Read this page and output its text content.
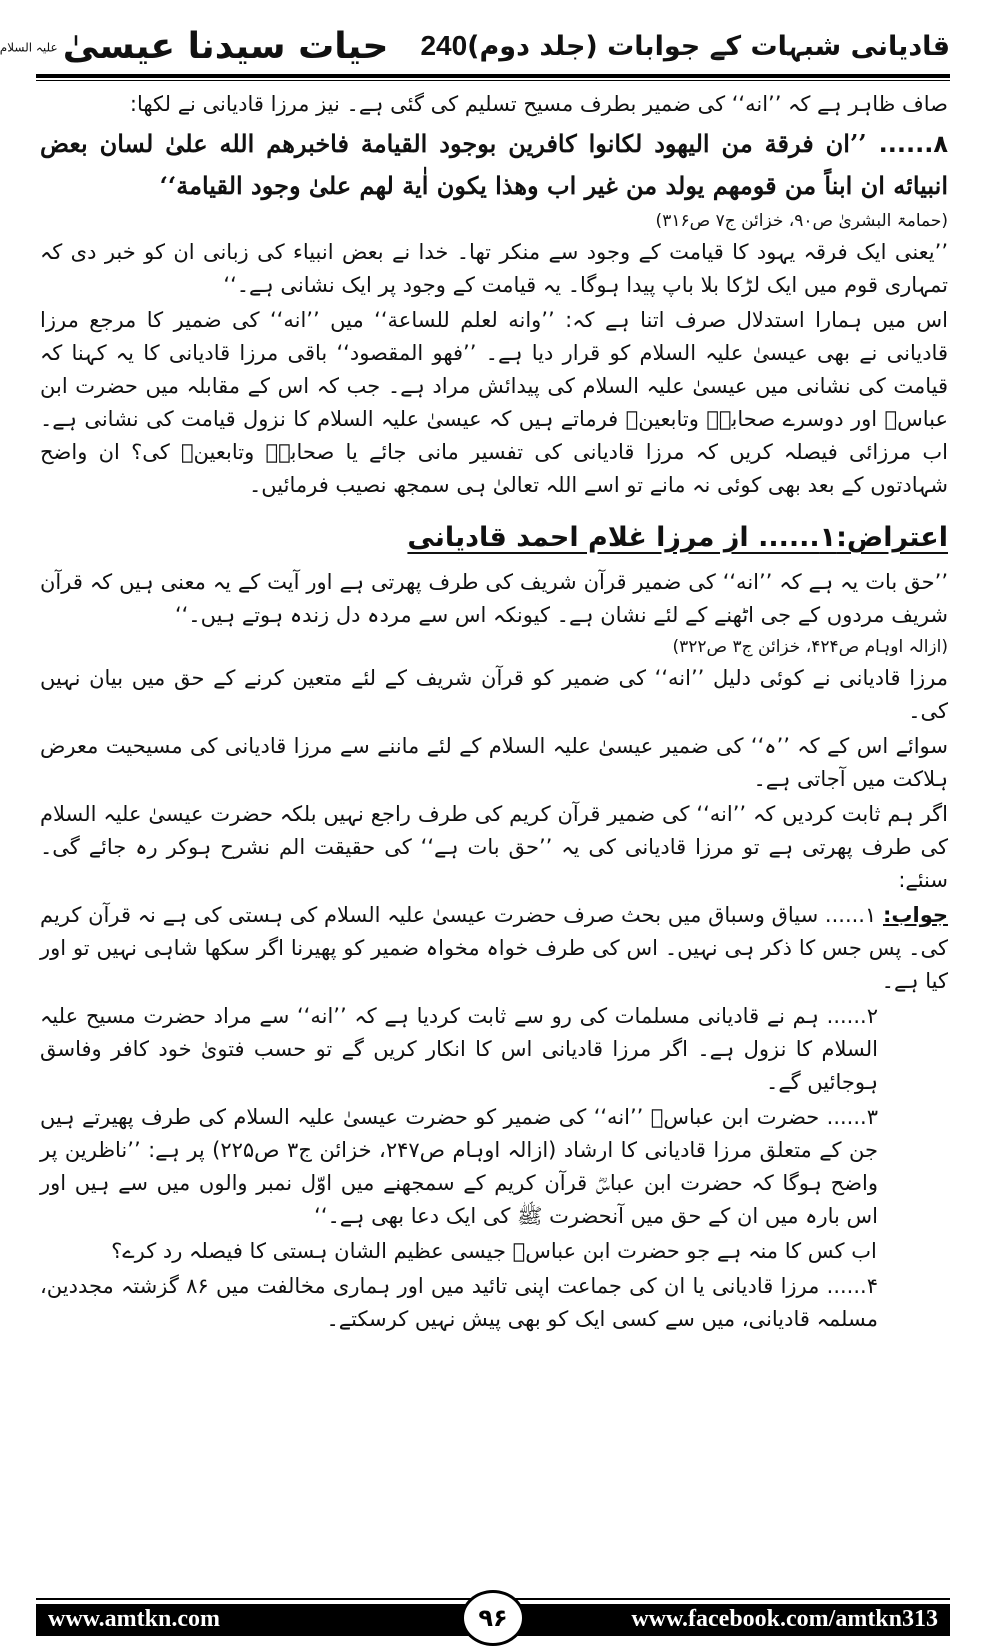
قادیانی شبہات کے جوابات (جلد دوم)
240
حیات سیدنا عیسیٰ $^{علیہ السلام}$

صاف ظاہر ہے کہ ’’انه‘‘ کی ضمیر بطرف مسیح تسلیم کی گئی ہے۔ نیز مرزا قادیانی نے لکھا:

۸...... ’’ان فرقة من اليهود لكانوا كافرين بوجود القيامة فاخبرهم الله علىٰ لسان بعض انبيائه ان ابناً من قومهم يولد من غير اب وهذا يكون اٰية لهم علىٰ وجود القيامة‘‘

(حمامۃ البشریٰ ص۹۰، خزائن ج۷ ص۳۱۶)

’’یعنی ایک فرقہ یہود کا قیامت کے وجود سے منکر تھا۔ خدا نے بعض انبیاء کی زبانی ان کو خبر دی کہ تمہاری قوم میں ایک لڑکا بلا باپ پیدا ہوگا۔ یہ قیامت کے وجود پر ایک نشانی ہے۔‘‘

اس میں ہمارا استدلال صرف اتنا ہے کہ: ’’وانه لعلم للساعة‘‘ میں ’’انه‘‘ کی ضمیر کا مرجع مرزا قادیانی نے بھی عیسیٰ علیہ السلام کو قرار دیا ہے۔ ’’فهو المقصود‘‘ باقی مرزا قادیانی کا یہ کہنا کہ قیامت کی نشانی میں عیسیٰ علیہ السلام کی پیدائش مراد ہے۔ جب کہ اس کے مقابلہ میں حضرت ابن عباسؓ اور دوسرے صحابہؓ وتابعینؒ فرماتے ہیں کہ عیسیٰ علیہ السلام کا نزول قیامت کی نشانی ہے۔ اب مرزائی فیصلہ کریں کہ مرزا قادیانی کی تفسیر مانی جائے یا صحابہؓ وتابعینؒ کی؟ ان واضح شہادتوں کے بعد بھی کوئی نہ مانے تو اسے اللہ تعالیٰ ہی سمجھ نصیب فرمائیں۔

اعتراض:۱...... از مرزا غلام احمد قادیانی

’’حق بات یہ ہے کہ ’’انه‘‘ کی ضمیر قرآن شریف کی طرف پھرتی ہے اور آیت کے یہ معنی ہیں کہ قرآن شریف مردوں کے جی اٹھنے کے لئے نشان ہے۔ کیونکہ اس سے مردہ دل زندہ ہوتے ہیں۔‘‘

(ازالہ اوہام ص۴۲۴، خزائن ج۳ ص۳۲۲)

مرزا قادیانی نے کوئی دلیل ’’انه‘‘ کی ضمیر کو قرآن شریف کے لئے متعین کرنے کے حق میں بیان نہیں کی۔

سوائے اس کے کہ ’’ہ‘‘ کی ضمیر عیسیٰ علیہ السلام کے لئے ماننے سے مرزا قادیانی کی مسیحیت معرض ہلاکت میں آجاتی ہے۔

اگر ہم ثابت کردیں کہ ’’انه‘‘ کی ضمیر قرآن کریم کی طرف راجع نہیں بلکہ حضرت عیسیٰ علیہ السلام کی طرف پھرتی ہے تو مرزا قادیانی کی یہ ’’حق بات ہے‘‘ کی حقیقت الم نشرح ہوکر رہ جائے گی۔ سنئے:

جواب: ۱...... سیاق وسباق میں بحث صرف حضرت عیسیٰ علیہ السلام کی ہستی کی ہے نہ قرآن کریم کی۔ پس جس کا ذکر ہی نہیں۔ اس کی طرف خواہ مخواہ ضمیر کو پھیرنا اگر سکھا شاہی نہیں تو اور کیا ہے۔

۲...... ہم نے قادیانی مسلمات کی رو سے ثابت کردیا ہے کہ ’’انه‘‘ سے مراد حضرت مسیح علیہ السلام کا نزول ہے۔ اگر مرزا قادیانی اس کا انکار کریں گے تو حسب فتویٰ خود کافر وفاسق ہوجائیں گے۔

۳...... حضرت ابن عباسؓ ’’انه‘‘ کی ضمیر کو حضرت عیسیٰ علیہ السلام کی طرف پھیرتے ہیں جن کے متعلق مرزا قادیانی کا ارشاد (ازالہ اوہام ص۲۴۷، خزائن ج۳ ص۲۲۵) پر ہے: ’’ناظرین پر واضح ہوگا کہ حضرت ابن عباسؓ قرآن کریم کے سمجھنے میں اوّل نمبر والوں میں سے ہیں اور اس بارہ میں ان کے حق میں آنحضرت ﷺ کی ایک دعا بھی ہے۔‘‘

اب کس کا منہ ہے جو حضرت ابن عباسؓ جیسی عظیم الشان ہستی کا فیصلہ رد کرے؟

۴...... مرزا قادیانی یا ان کی جماعت اپنی تائید میں اور ہماری مخالفت میں ۸۶ گزشتہ مجددین، مسلمہ قادیانی، میں سے کسی ایک کو بھی پیش نہیں کرسکتے۔

www.amtkn.com	۹۶	www.facebook.com/amtkn313
